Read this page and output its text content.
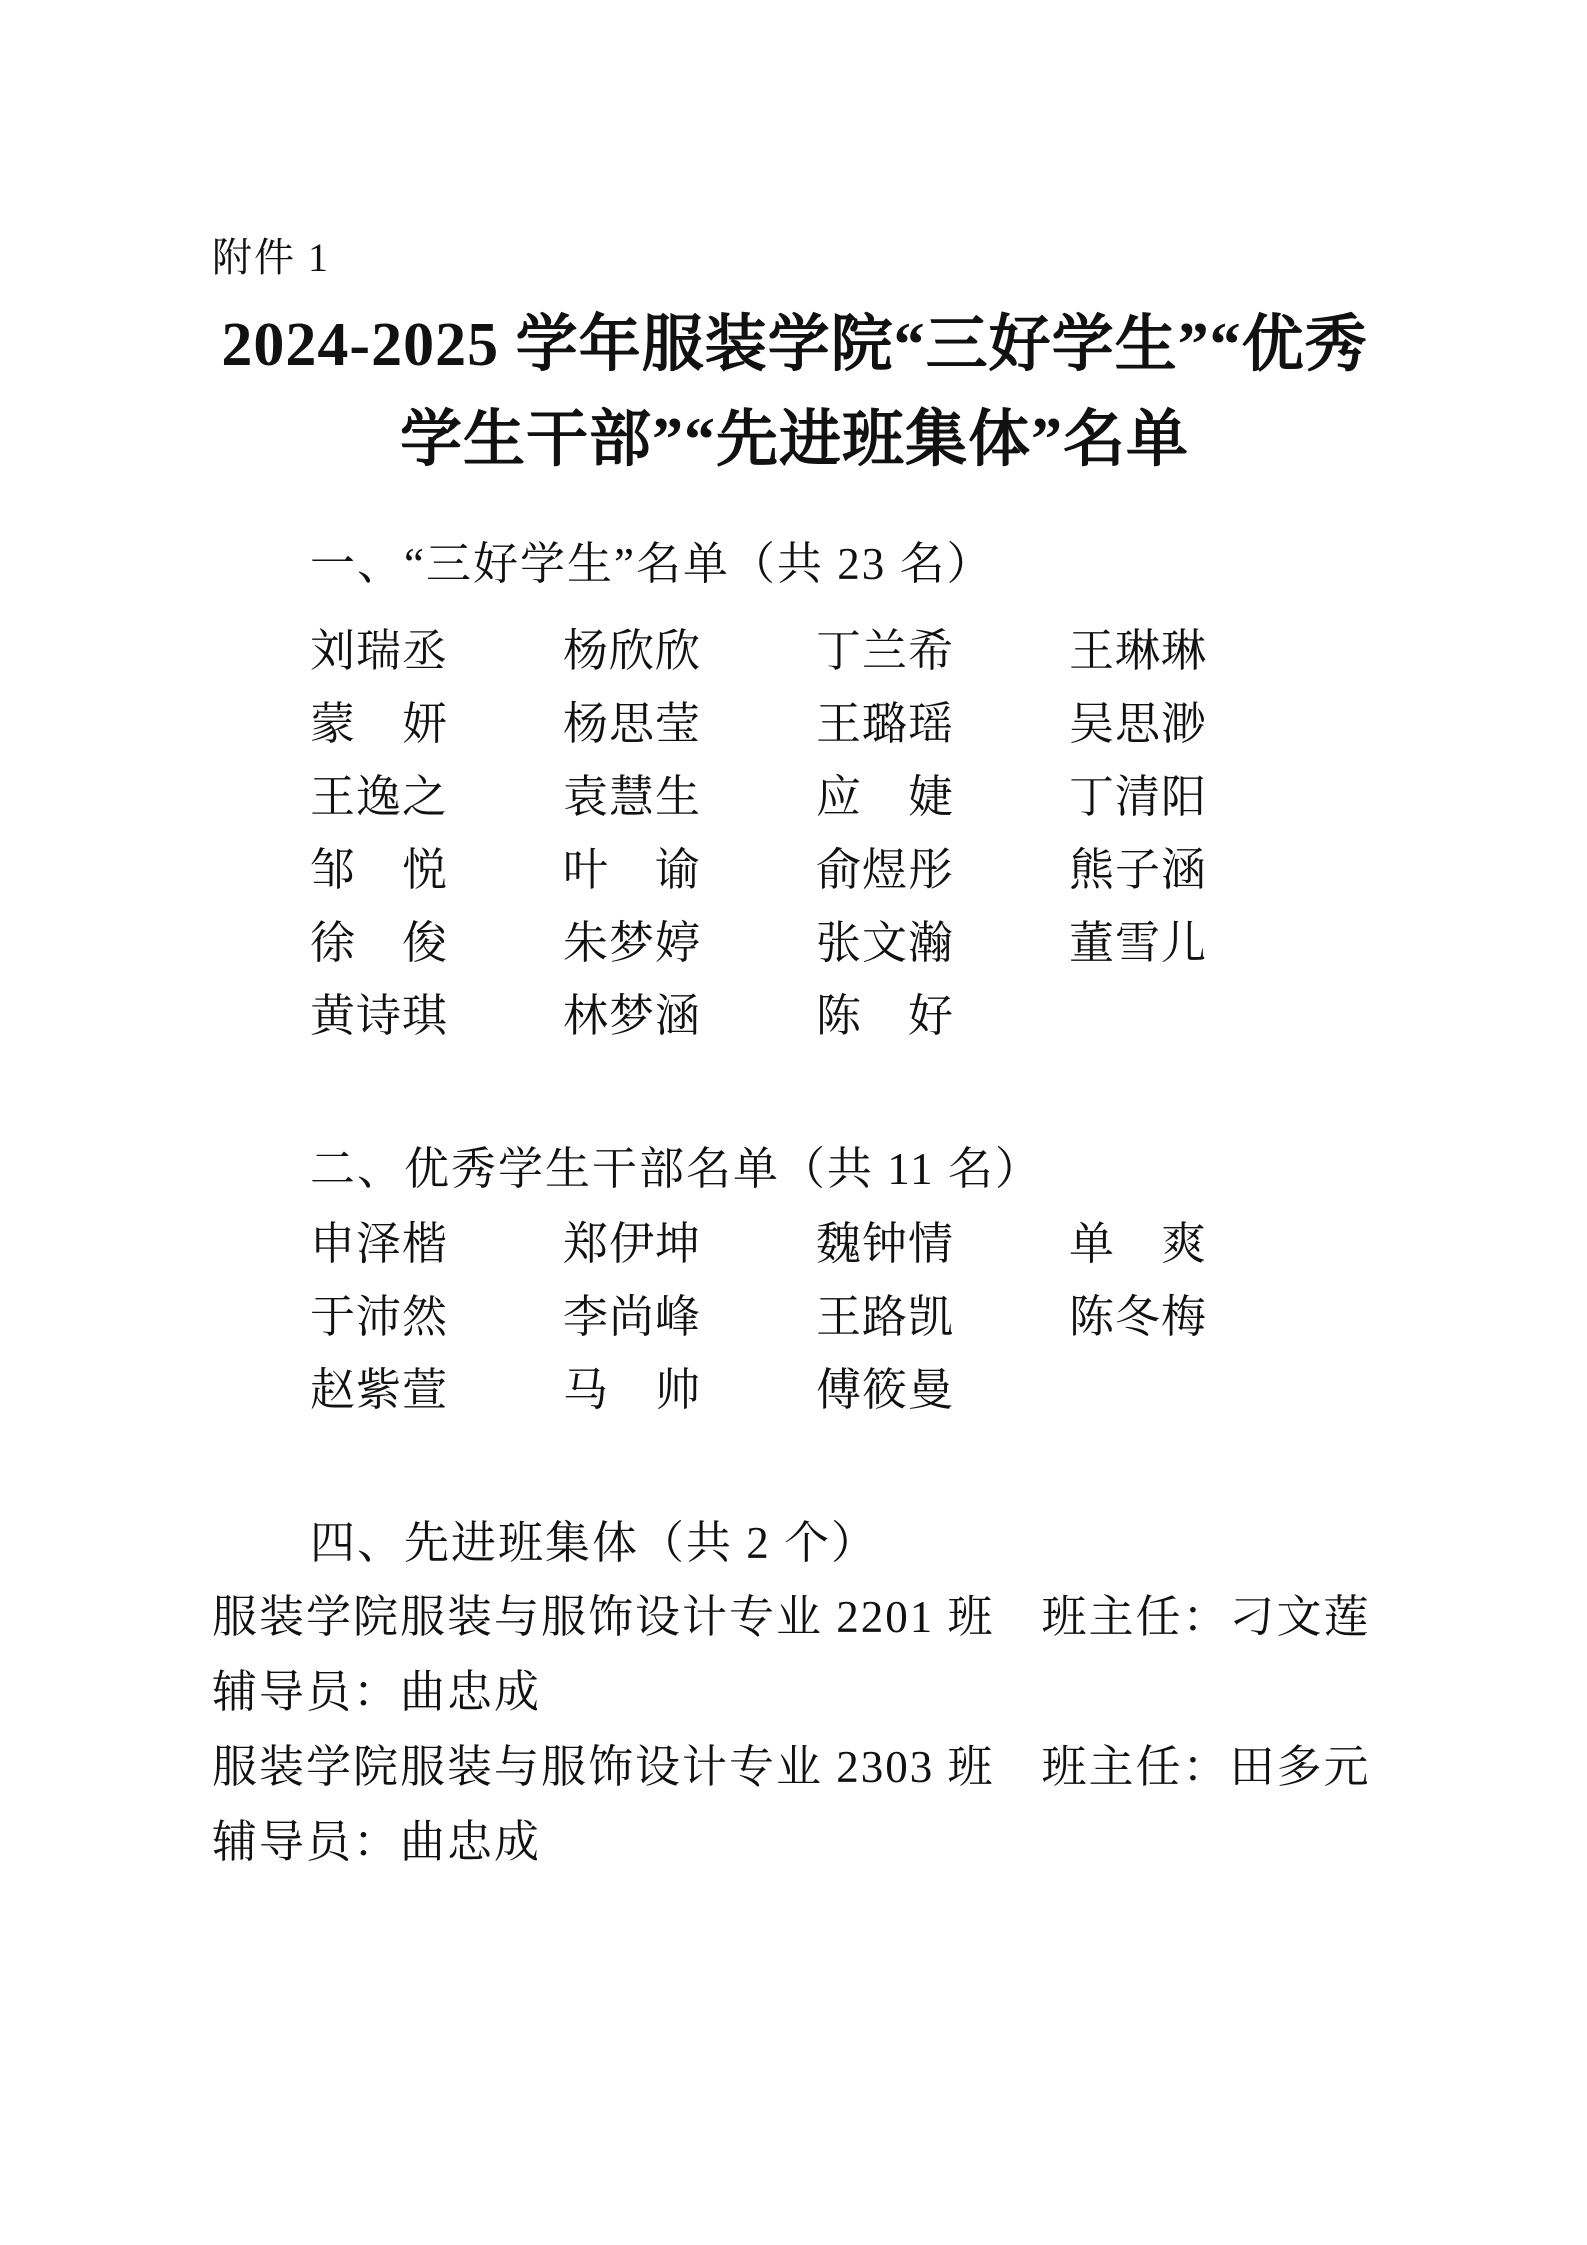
附件 1
2024-2025 学年服装学院“三好学生”“优秀
学生干部”“先进班集体”名单
一、“三好学生”名单（共 23 名）
刘瑞丞	杨欣欣	丁兰希	王琳琳
蒙　妍	杨思莹	王璐瑶	吴思渺
王逸之	袁慧生	应　婕	丁清阳
邹　悦	叶　谕	俞煜彤	熊子涵
徐　俊	朱梦婷	张文瀚	董雪儿
黄诗琪	林梦涵	陈　好
二、优秀学生干部名单（共 11 名）
申泽楷	郑伊坤	魏钟情	单　爽
于沛然	李尚峰	王路凯	陈冬梅
赵紫萱	马　帅	傅筱曼
四、先进班集体（共 2 个）
服装学院服装与服饰设计专业 2201 班　班主任：刁文莲
辅导员：曲忠成
服装学院服装与服饰设计专业 2303 班　班主任：田多元
辅导员：曲忠成
